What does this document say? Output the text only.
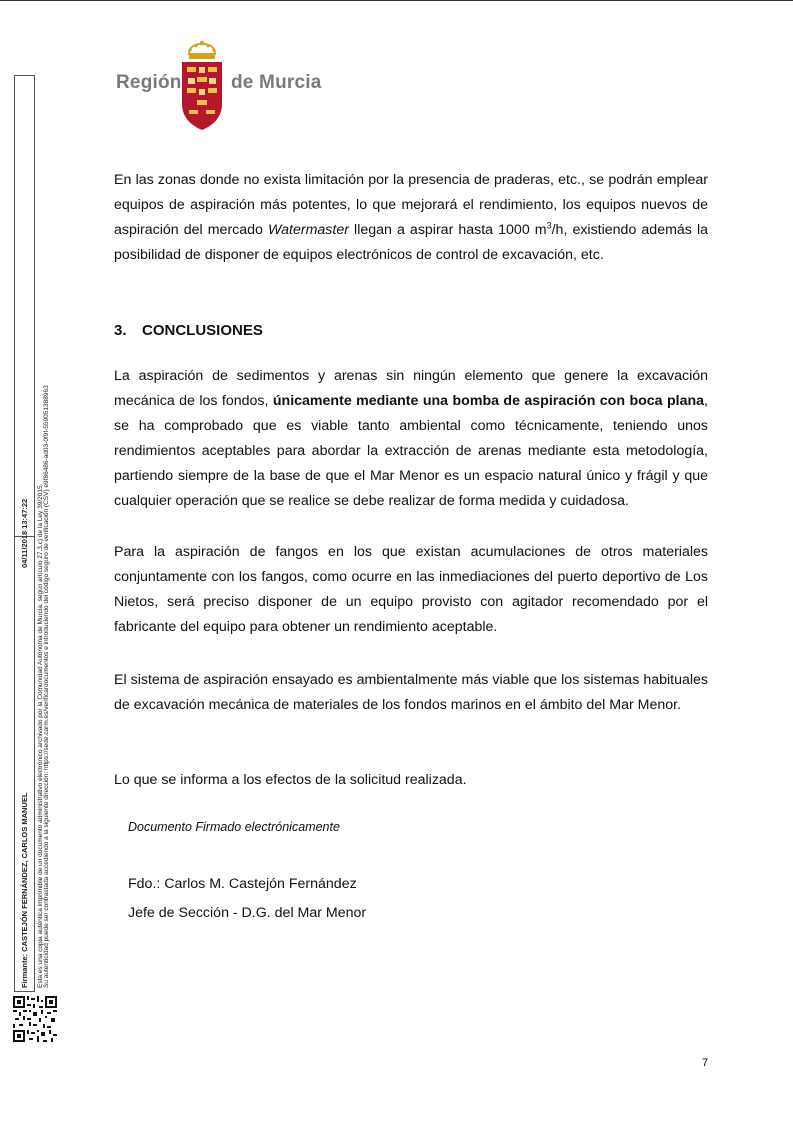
Región	de Murcia
Firmante: CASTEJÓN FERNÁNDEZ, CARLOS MANUEL
04/11/2018 13:47:22 Esta es una copia auténtica imprimible de un documento administrativo electrónico archivado por la Comunidad Autónoma de Murcia, según artículo 27.3.c) de la Ley 39/2015. Su autenticidad puede ser contrastada accediendo a la siguiente dirección: https://sede.carm.es/verificardocumentos e introduciendo del código seguro de verificación (CSV) e9f86486-ad03-0f9f-559051388963

En las zonas donde no exista limitación por la presencia de praderas, etc., se podrán emplear equipos de aspiración más potentes, lo que mejorará el rendimiento, los equipos nuevos de aspiración del mercado Watermaster llegan a aspirar hasta 1000 $m^3/h$, existiendo además la posibilidad de disponer de equipos electrónicos de control de excavación, etc.

3. CONCLUSIONES

La aspiración de sedimentos y arenas sin ningún elemento que genere la excavación mecánica de los fondos, únicamente mediante una bomba de aspiración con boca plana, se ha comprobado que es viable tanto ambiental como técnicamente, teniendo unos rendimientos aceptables para abordar la extracción de arenas mediante esta metodología, partiendo siempre de la base de que el Mar Menor es un espacio natural único y frágil y que cualquier operación que se realice se debe realizar de forma medida y cuidadosa.

Para la aspiración de fangos en los que existan acumulaciones de otros materiales conjuntamente con los fangos, como ocurre en las inmediaciones del puerto deportivo de Los Nietos, será preciso disponer de un equipo provisto con agitador recomendado por el fabricante del equipo para obtener un rendimiento aceptable.

El sistema de aspiración ensayado es ambientalmente más viable que los sistemas habituales de excavación mecánica de materiales de los fondos marinos en el ámbito del Mar Menor.

Lo que se informa a los efectos de la solicitud realizada.

Documento Firmado electrónicamente
Fdo.: Carlos M. Castejón Fernández
Jefe de Sección - D.G. del Mar Menor
7
